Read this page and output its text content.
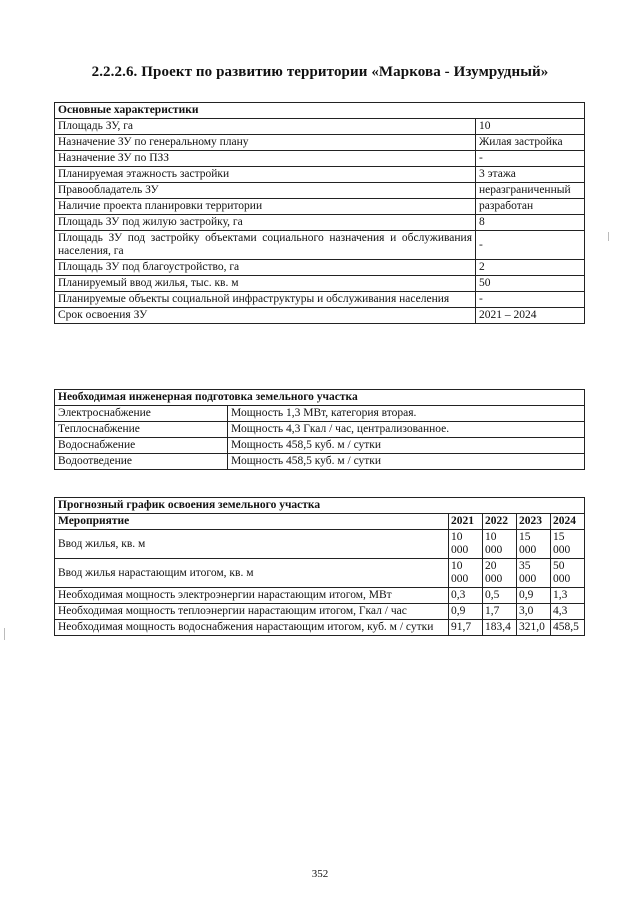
2.2.2.6. Проект по развитию территории «Маркова - Изумрудный»
Основные характеристики	
Площадь ЗУ, га	10
Назначение ЗУ по генеральному плану	Жилая застройка
Назначение ЗУ по ПЗЗ	-
Планируемая этажность застройки	3 этажа
Правообладатель ЗУ	неразграниченный
Наличие проекта планировки территории	разработан
Площадь ЗУ под жилую застройку, га	8
Площадь ЗУ под застройку объектами социального назначения и обслуживания населения, га	-
Площадь ЗУ под благоустройство, га	2
Планируемый ввод жилья, тыс. кв. м	50
Планируемые объекты социальной инфраструктуры и обслуживания населения	-
Срок освоения ЗУ	2021 – 2024
Необходимая инженерная подготовка земельного участка	
Электроснабжение	Мощность 1,3 МВт, категория вторая.
Теплоснабжение	Мощность 4,3 Гкал / час, централизованное.
Водоснабжение	Мощность 458,5 куб. м / сутки
Водоотведение	Мощность 458,5 куб. м / сутки
Прогнозный график освоения земельного участка				
Мероприятие	2021	2022	2023	2024
Ввод жилья, кв. м	10 000	10 000	15 000	15 000
Ввод жилья нарастающим итогом, кв. м	10 000	20 000	35 000	50 000
Необходимая мощность электроэнергии нарастающим итогом, МВт	0,3	0,5	0,9	1,3
Необходимая мощность теплоэнергии нарастающим итогом, Гкал / час	0,9	1,7	3,0	4,3
Необходимая мощность водоснабжения нарастающим итогом, куб. м / сутки	91,7	183,4	321,0	458,5
352
